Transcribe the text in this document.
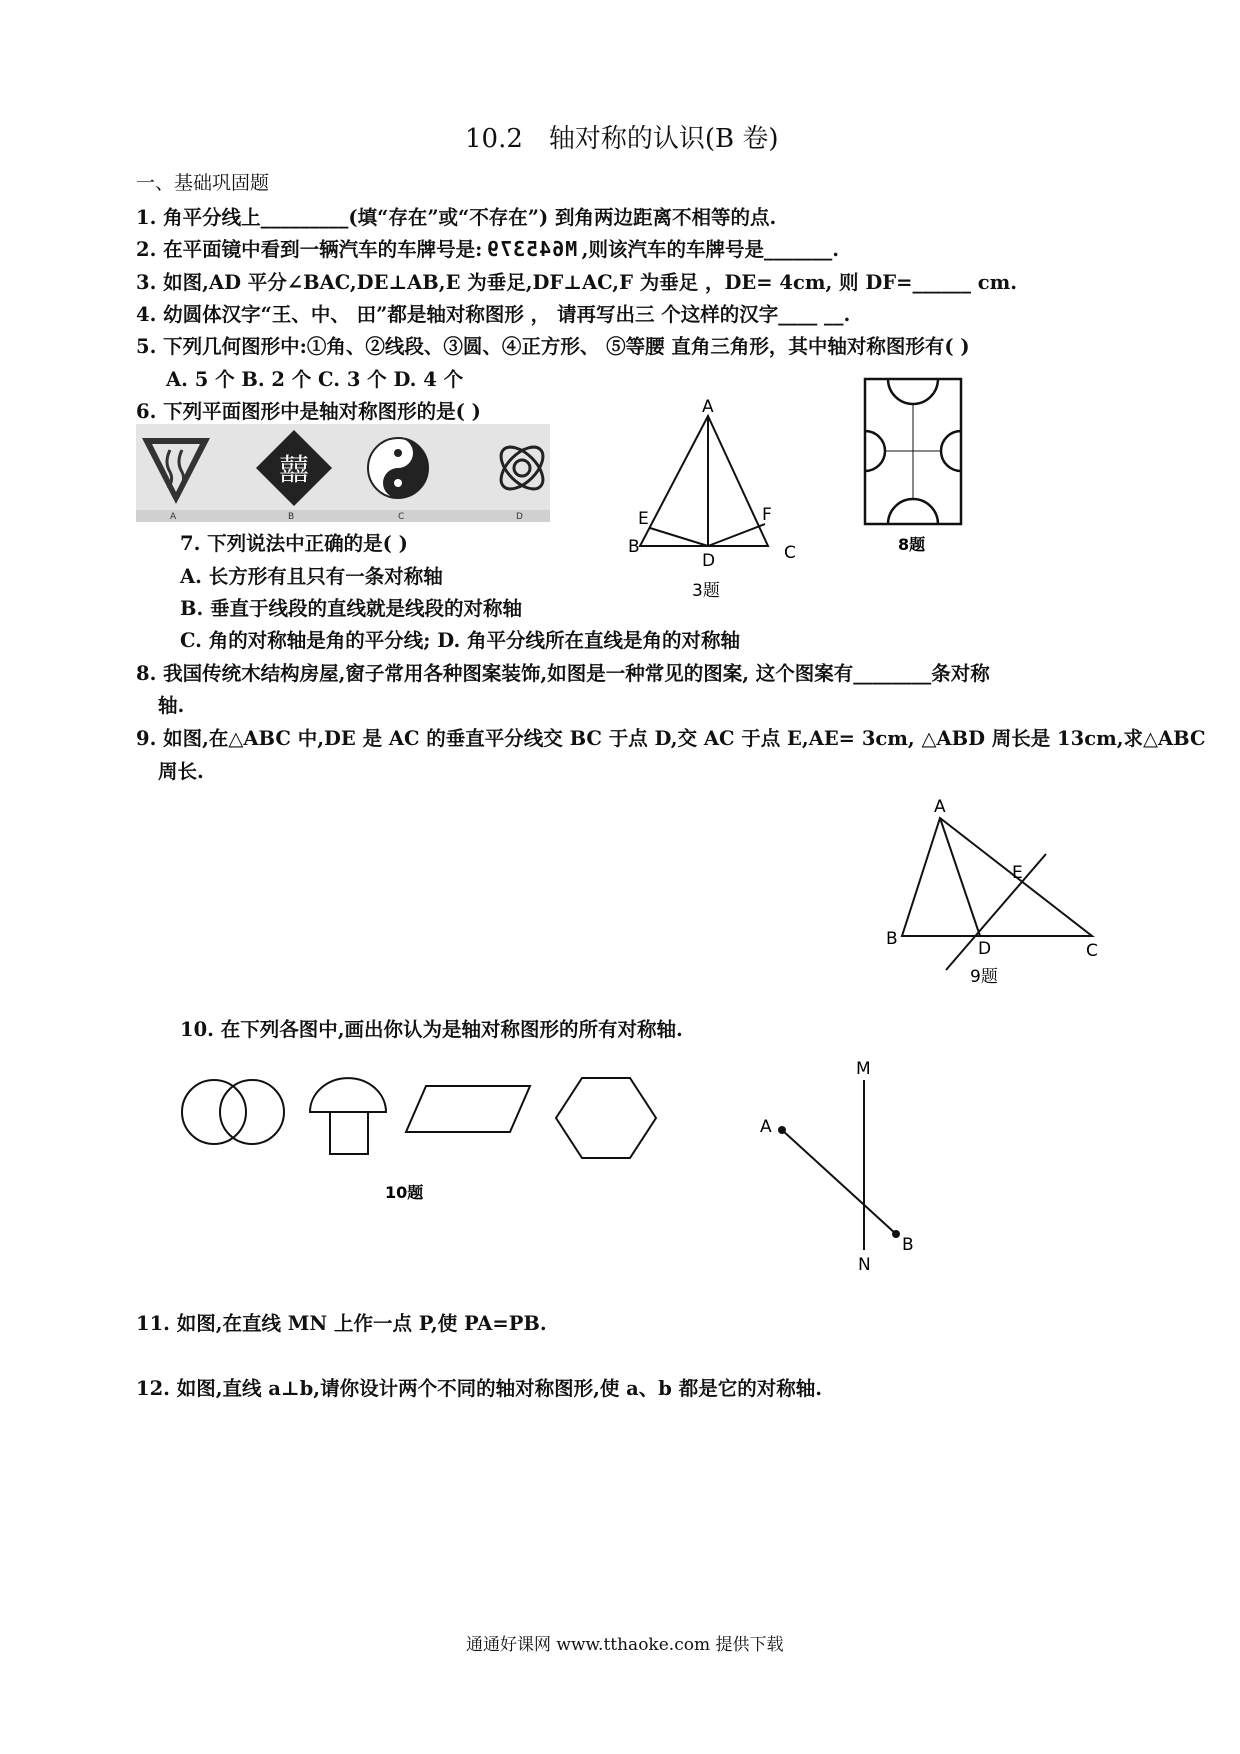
10.2　轴对称的认识(B 卷)
一、基础巩固题
1. 角平分线上_________(填“存在”或“不存在”) 到角两边距离不相等的点.
2. 在平面镜中看到一辆汽车的车牌号是: M645379 ,则该汽车的车牌号是_______.
3. 如图,AD 平分∠BAC,DE⊥AB,E 为垂足,DF⊥AC,F 为垂足 ，DE= 4cm, 则 DF=______ cm.
4. 幼圆体汉字“王、中、 田”都是轴对称图形 ， 请再写出三 个这样的汉字____ __.
5. 下列几何图形中:①角、②线段、③圆、④正方形、 ⑤等腰 直角三角形，其中轴对称图形有( )
A. 5 个 B. 2 个 C. 3 个 D. 4 个
6. 下列平面图形中是轴对称图形的是( )
囍
A	B	C	D
7. 下列说法中正确的是( )
A. 长方形有且只有一条对称轴
B. 垂直于线段的直线就是线段的对称轴
C. 角的对称轴是角的平分线; D. 角平分线所在直线是角的对称轴
A
B	C
D
E	F
3题
8题
8. 我国传统木结构房屋,窗子常用各种图案装饰,如图是一种常见的图案, 这个图案有________条对称
轴.
9. 如图,在△ABC 中,DE 是 AC 的垂直平分线交 BC 于点 D,交 AC 于点 E,AE= 3cm, △ABD 周长是 13cm,求△ABC
周长.
A
B
C
D
E
9题
10. 在下列各图中,画出你认为是轴对称图形的所有对称轴.
10题
M
N
A
B
11. 如图,在直线 MN 上作一点 P,使 PA=PB.
12. 如图,直线 a⊥b,请你设计两个不同的轴对称图形,使 a、b 都是它的对称轴.
通通好课网 www.tthaoke.com 提供下载
